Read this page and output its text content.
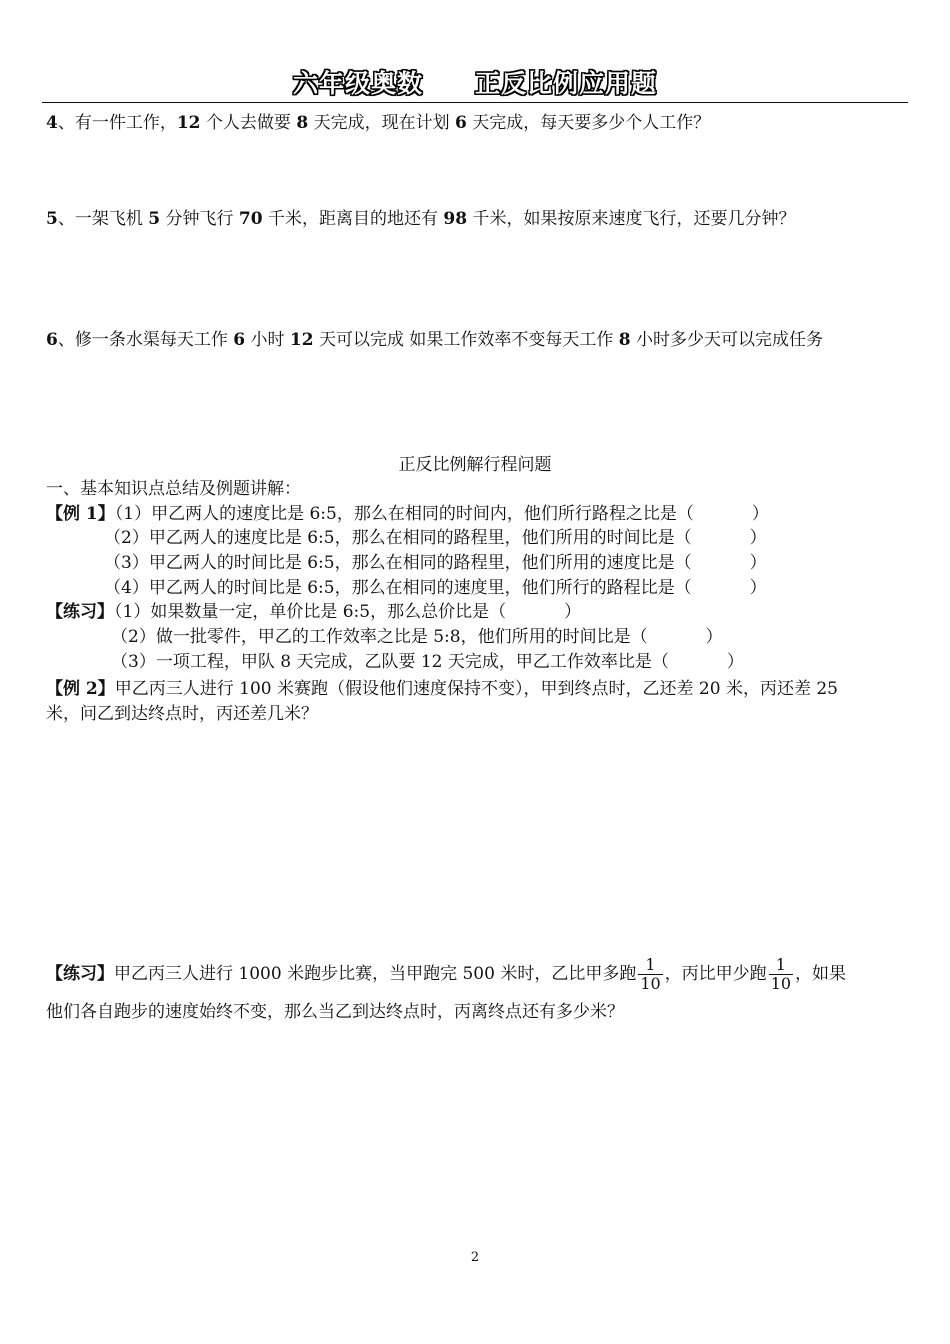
六年级奥数　　正反比例应用题
4、有一件工作，12 个人去做要 8 天完成，现在计划 6 天完成，每天要多少个人工作？
5、一架飞机 5 分钟飞行 70 千米，距离目的地还有 98 千米，如果按原来速度飞行，还要几分钟？
6、修一条水渠每天工作 6 小时 12 天可以完成 如果工作效率不变每天工作 8 小时多少天可以完成任务
正反比例解行程问题
一、基本知识点总结及例题讲解：
【例 1】（1）甲乙两人的速度比是 6:5，那么在相同的时间内，他们所行路程之比是（	）
（2）甲乙两人的速度比是 6:5，那么在相同的路程里，他们所用的时间比是（	）
（3）甲乙两人的时间比是 6:5，那么在相同的路程里，他们所用的速度比是（	）
（4）甲乙两人的时间比是 6:5，那么在相同的速度里，他们所行的路程比是（	）
【练习】（1）如果数量一定，单价比是 6:5，那么总价比是（	）
（2）做一批零件，甲乙的工作效率之比是 5:8，他们所用的时间比是（	）
（3）一项工程，甲队 8 天完成，乙队要 12 天完成，甲乙工作效率比是（	）
【例 2】甲乙丙三人进行 100 米赛跑（假设他们速度保持不变），甲到终点时，乙还差 20 米，丙还差 25
米，问乙到达终点时，丙还差几米？
【练习】甲乙丙三人进行 1000 米跑步比赛，当甲跑完 500 米时，乙比甲多跑 $\frac{1}{10}$ ，丙比甲少跑 $\frac{1}{10}$ ，如果
他们各自跑步的速度始终不变，那么当乙到达终点时，丙离终点还有多少米？
2
